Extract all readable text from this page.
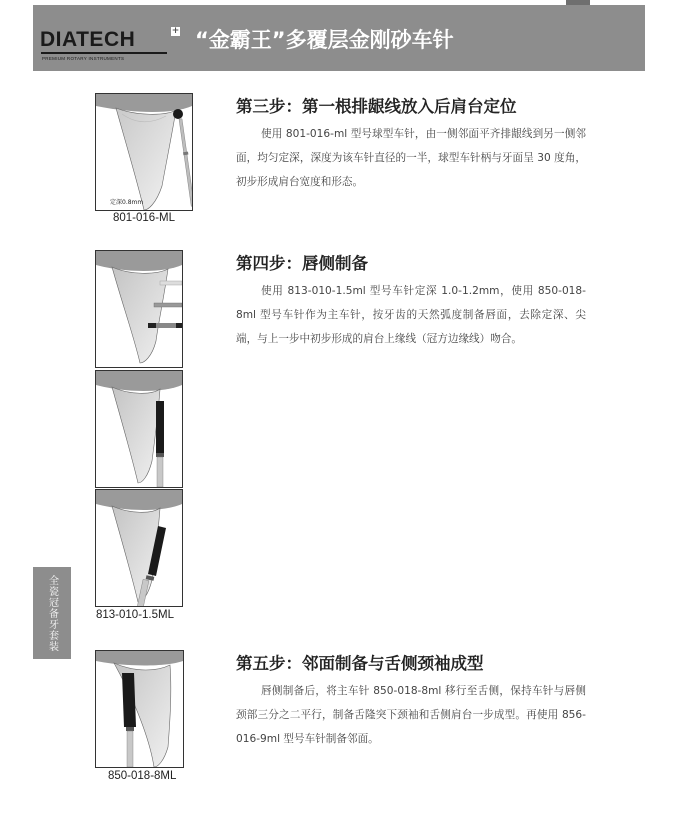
DIATECH
PREMIUM ROTARY INSTRUMENTS
+ “金霸王”多覆层金刚砂车针
全瓷冠备牙套装
定深0.8mm
801-016-ML
第三步：第一根排龈线放入后肩台定位
使用 801-016-ml 型号球型车针，由一侧邻面平齐排龈线到另一侧邻面，均匀定深，深度为该车针直径的一半，球型车针柄与牙面呈 30 度角，初步形成肩台宽度和形态。
813-010-1.5ML
第四步：唇侧制备
使用 813-010-1.5ml 型号车针定深 1.0-1.2mm，使用 850-018-8ml 型号车针作为主车针，按牙齿的天然弧度制备唇面，去除定深、尖端，与上一步中初步形成的肩台上缘线（冠方边缘线）吻合。
850-018-8ML
第五步：邻面制备与舌侧颈袖成型
唇侧制备后，将主车针 850-018-8ml 移行至舌侧，保持车针与唇侧颈部三分之二平行，制备舌隆突下颈袖和舌侧肩台一步成型。再使用 856-016-9ml 型号车针制备邻面。
